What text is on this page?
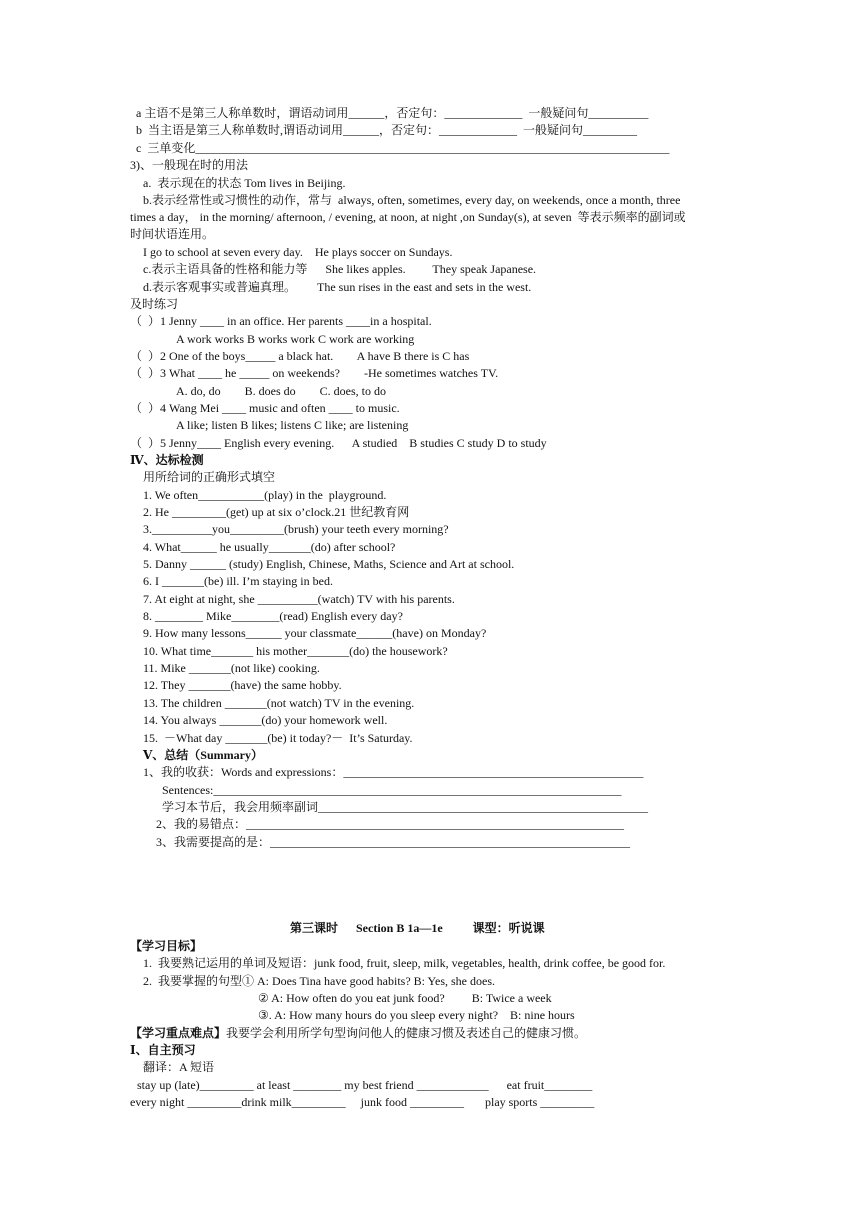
a 主语不是第三人称单数时，谓语动词用______，否定句：_____________  一般疑问句__________
b  当主语是第三人称单数时,谓语动词用______，否定句：_____________  一般疑问句_________
c  三单变化_______________________________________________________________________________
3)、一般现在时的用法
a.  表示现在的状态 Tom lives in Beijing.
b.表示经常性或习惯性的动作，常与  always, often, sometimes, every day, on weekends, once a month, three
times a day， in the morning/ afternoon, / evening, at noon, at night ,on Sunday(s), at seven  等表示频率的副词或
时间状语连用。
I go to school at seven every day.    He plays soccer on Sundays.
c.表示主语具备的性格和能力等      She likes apples.         They speak Japanese.
d.表示客观事实或普遍真理。       The sun rises in the east and sets in the west.
及时练习
（  ）1 Jenny ____ in an office. Her parents ____in a hospital.
A work works B works work C work are working
（  ）2 One of the boys_____ a black hat.        A have B there is C has
（  ）3 What ____ he _____ on weekends?        -He sometimes watches TV.
A. do, do        B. does do        C. does, to do
（  ）4 Wang Mei ____ music and often ____ to music.
A like; listen B likes; listens C like; are listening
（  ）5 Jenny____ English every evening.      A studied    B studies C study D to study
Ⅳ、达标检测
用所给词的正确形式填空
1. We often___________(play) in the  playground.
2. He _________(get) up at six o’clock.21 世纪教育网
3.__________you_________(brush) your teeth every morning?
4. What______ he usually_______(do) after school?
5. Danny ______ (study) English, Chinese, Maths, Science and Art at school.
6. I _______(be) ill. I’m staying in bed.
7. At eight at night, she __________(watch) TV with his parents.
8. ________ Mike________(read) English every day?
9. How many lessons______ your classmate______(have) on Monday?
10. What time_______ his mother_______(do) the housework?
11. Mike _______(not like) cooking.
12. They _______(have) the same hobby.
13. The children _______(not watch) TV in the evening.
14. You always _______(do) your homework well.
15.  －What day _______(be) it today?－  It’s Saturday.
Ⅴ、总结（Summary）
1、我的收获：Words and expressions：__________________________________________________
Sentences:____________________________________________________________________
学习本节后，我会用频率副词_______________________________________________________
2、我的易错点：_______________________________________________________________
3、我需要提高的是：____________________________________________________________
第三课时      Section B 1a—1e          课型：听说课
【学习目标】
1.  我要熟记运用的单词及短语：junk food, fruit, sleep, milk, vegetables, health, drink coffee, be good for.
2.  我要掌握的句型① A: Does Tina have good habits? B: Yes, she does.
② A: How often do you eat junk food?         B: Twice a week
③. A: How many hours do you sleep every night?    B: nine hours
【学习重点难点】我要学会利用所学句型询问他人的健康习惯及表述自己的健康习惯。
Ⅰ、自主预习
翻译：A 短语
stay up (late)_________ at least ________ my best friend ____________      eat fruit________
every night _________drink milk_________     junk food _________       play sports _________
